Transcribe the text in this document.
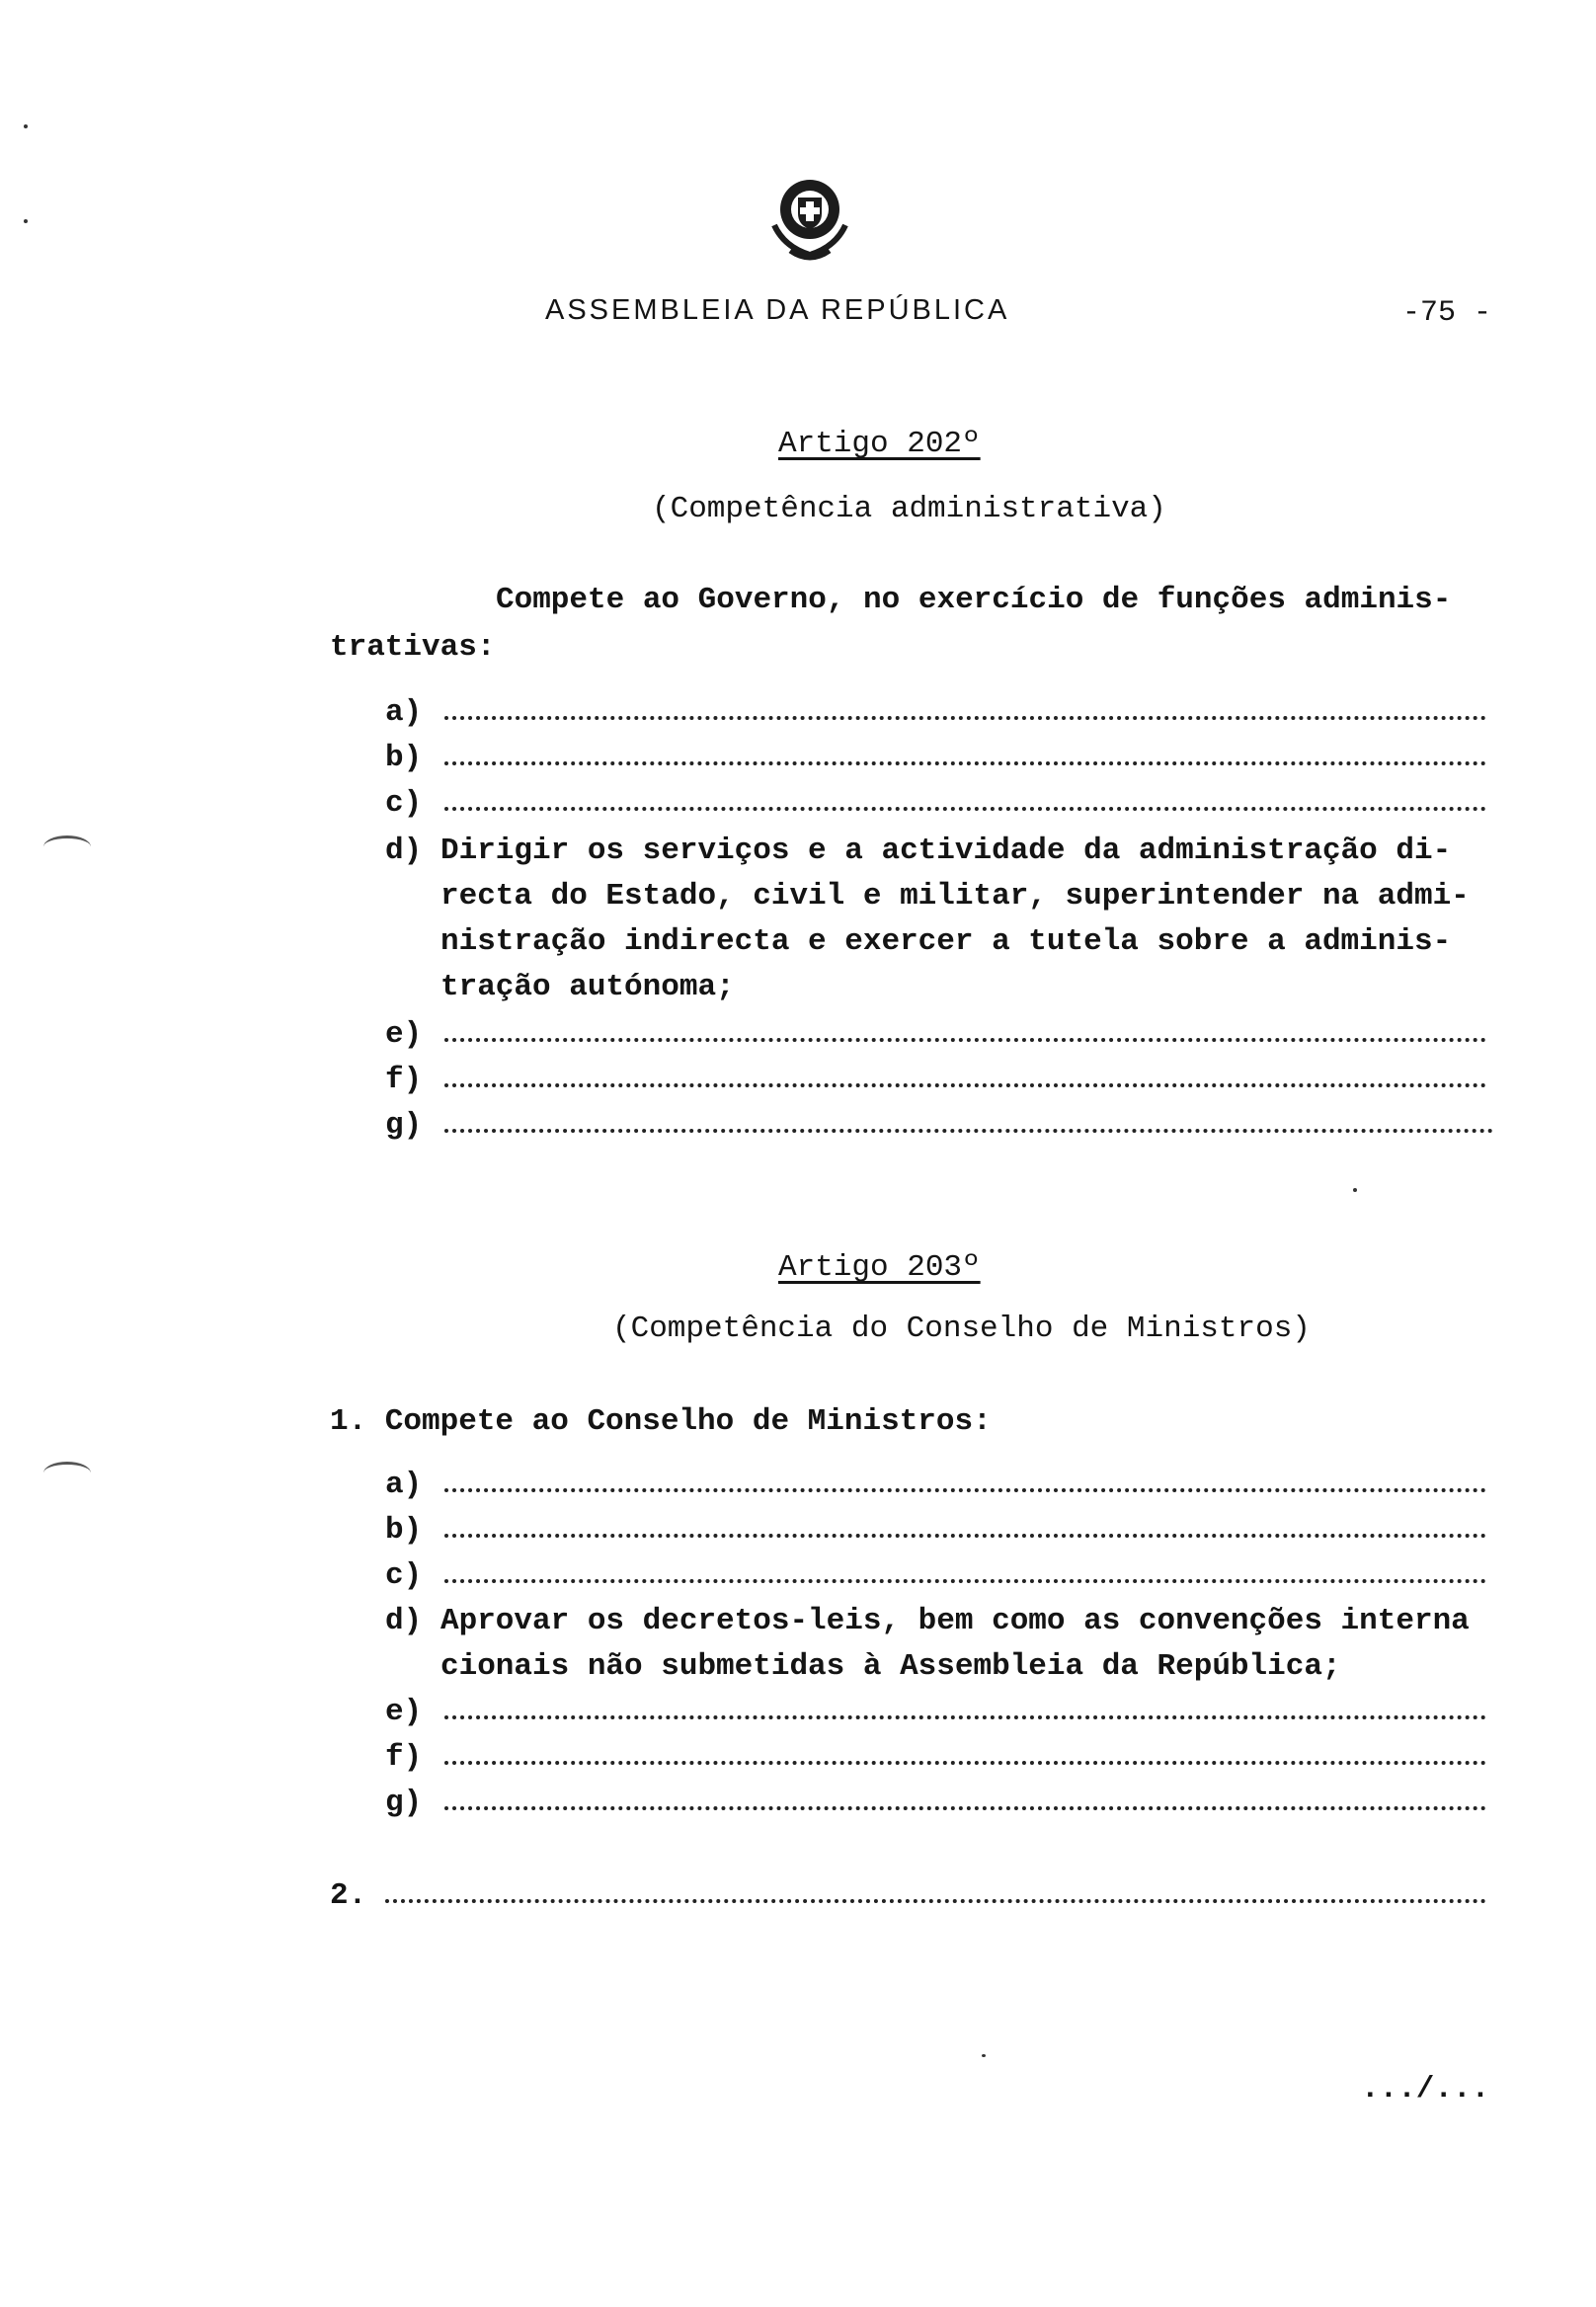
ASSEMBLEIA DA REPÚBLICA	-75 -
Artigo 202º
(Competência administrativa)
Compete ao Governo, no exercício de funções adminis-
trativas:
a)
b)
c)
d) Dirigir os serviços e a actividade da administração di-
recta do Estado, civil e militar, superintender na admi-
nistração indirecta e exercer a tutela sobre a adminis-
tração autónoma;
e)
f)
g)
Artigo 203º
(Competência do Conselho de Ministros)
1. Compete ao Conselho de Ministros:
a)
b)
c)
d) Aprovar os decretos-leis, bem como as convenções interna
cionais não submetidas à Assembleia da República;
e)
f)
g)
2.
.../...
